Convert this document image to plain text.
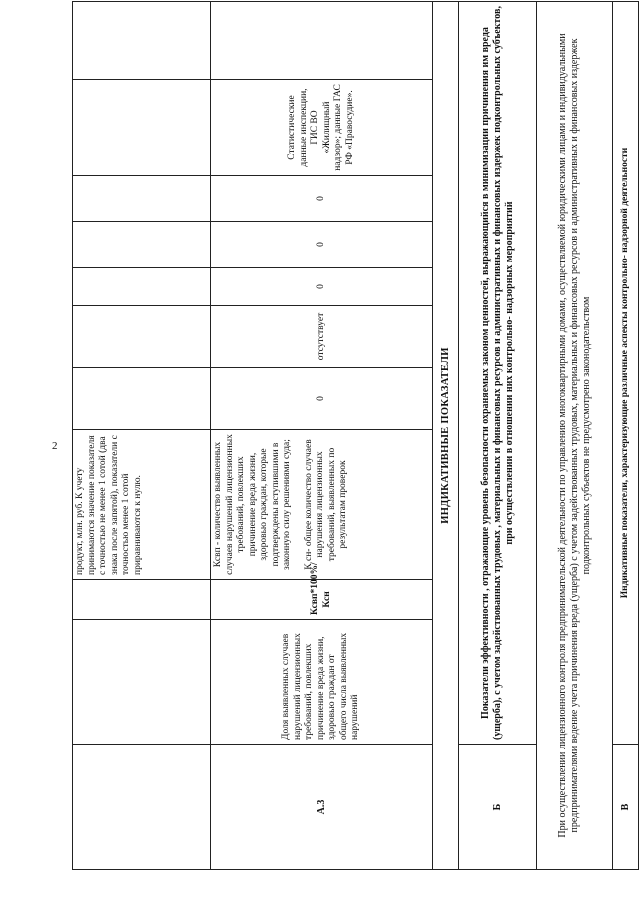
2
			продукт, млн. руб. К учету принимаются значение показателя с точностью не менее 1 сотой (два знака после запятой), показатели с точностью менее 1 сотой приравниваются к нулю.							
А.3	Доля выявленных случаев нарушений лицензионных требований, повлекших причинение вреда жизни, здоровью граждан от общего числа выявленных нарушений	Ксвп*100%/ Ксн	Ксвп - количество выявленных случаев нарушений лицензионных требований, повлекших причинение вреда жизни, здоровью граждан, которые подтверждены вступившими в законную силу решениями суда; К сн- общее количество случаев нарушения лицензионных требований, выявленных по результатам проверок	0	отсутствует	0	0	0	Статистические данные инспекции, ГИС ВО «Жилищный надзор»; данные ГАС РФ «Правосудие».	
ИНДИКАТИВНЫЕ ПОКАЗАТЕЛИ										
Б	Показатели эффективности , отражающие уровень безопасности охраняемых законом ценностей, выражающийся в минимизации причинения им вреда (ущерба), с учетом задействованных трудовых , материальных и финансовых ресурсов и административных и финансовых издержек подконтрольных субъектов, при осуществлении в отношении них контрольно- надзорных мероприятий									
При осуществлении лицензионного контроля предпринимательской деятельности по управлению многоквартирными домами, осуществляемой юридическими лицами и индивидуальными предпринимателями ведение учета причинения вреда (ущерба) с учетом задействованных трудовых, материальных и финансовых ресурсов и административных и финансовых издержек подконтрольных субъектов не предусмотрено законодательством										
В	Индикативные показатели, характеризующие различные аспекты контрольно- надзорной деятельности									
